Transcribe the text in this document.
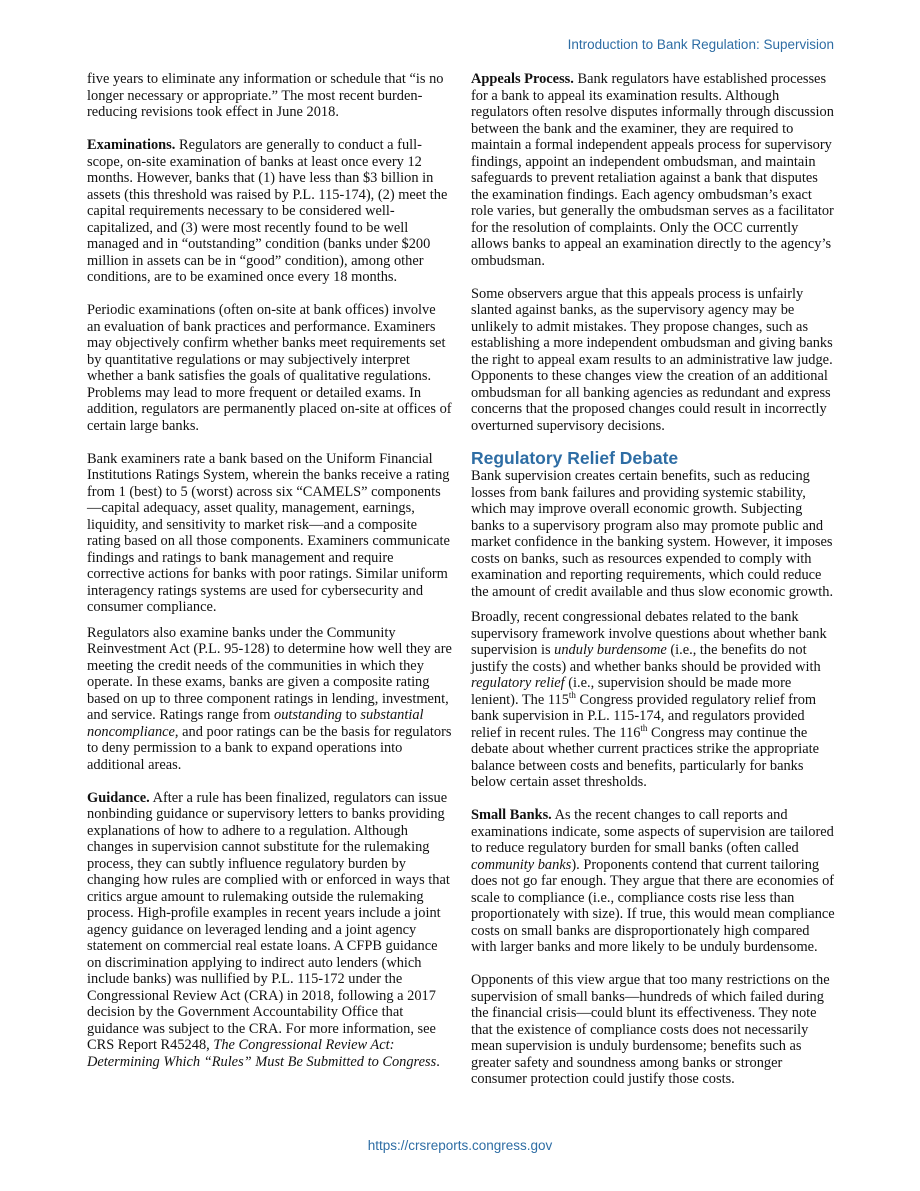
Introduction to Bank Regulation: Supervision

five years to eliminate any information or schedule that “is no longer necessary or appropriate.” The most recent burden-reducing revisions took effect in June 2018.

Examinations. Regulators are generally to conduct a full-scope, on-site examination of banks at least once every 12 months. However, banks that (1) have less than $3 billion in assets (this threshold was raised by P.L. 115-174), (2) meet the capital requirements necessary to be considered well-capitalized, and (3) were most recently found to be well managed and in “outstanding” condition (banks under $200 million in assets can be in “good” condition), among other conditions, are to be examined once every 18 months.

Periodic examinations (often on-site at bank offices) involve an evaluation of bank practices and performance. Examiners may objectively confirm whether banks meet requirements set by quantitative regulations or may subjectively interpret whether a bank satisfies the goals of qualitative regulations. Problems may lead to more frequent or detailed exams. In addition, regulators are permanently placed on-site at offices of certain large banks.

Bank examiners rate a bank based on the Uniform Financial Institutions Ratings System, wherein the banks receive a rating from 1 (best) to 5 (worst) across six “CAMELS” components—capital adequacy, asset quality, management, earnings, liquidity, and sensitivity to market risk—and a composite rating based on all those components. Examiners communicate findings and ratings to bank management and require corrective actions for banks with poor ratings. Similar uniform interagency ratings systems are used for cybersecurity and consumer compliance.

Regulators also examine banks under the Community Reinvestment Act (P.L. 95-128) to determine how well they are meeting the credit needs of the communities in which they operate. In these exams, banks are given a composite rating based on up to three component ratings in lending, investment, and service. Ratings range from outstanding to substantial noncompliance, and poor ratings can be the basis for regulators to deny permission to a bank to expand operations into additional areas.

Guidance. After a rule has been finalized, regulators can issue nonbinding guidance or supervisory letters to banks providing explanations of how to adhere to a regulation. Although changes in supervision cannot substitute for the rulemaking process, they can subtly influence regulatory burden by changing how rules are complied with or enforced in ways that critics argue amount to rulemaking outside the rulemaking process. High-profile examples in recent years include a joint agency guidance on leveraged lending and a joint agency statement on commercial real estate loans. A CFPB guidance on discrimination applying to indirect auto lenders (which include banks) was nullified by P.L. 115-172 under the Congressional Review Act (CRA) in 2018, following a 2017 decision by the Government Accountability Office that guidance was subject to the CRA. For more information, see CRS Report R45248, The Congressional Review Act: Determining Which “Rules” Must Be Submitted to Congress.

Appeals Process. Bank regulators have established processes for a bank to appeal its examination results. Although regulators often resolve disputes informally through discussion between the bank and the examiner, they are required to maintain a formal independent appeals process for supervisory findings, appoint an independent ombudsman, and maintain safeguards to prevent retaliation against a bank that disputes the examination findings. Each agency ombudsman’s exact role varies, but generally the ombudsman serves as a facilitator for the resolution of complaints. Only the OCC currently allows banks to appeal an examination directly to the agency’s ombudsman.

Some observers argue that this appeals process is unfairly slanted against banks, as the supervisory agency may be unlikely to admit mistakes. They propose changes, such as establishing a more independent ombudsman and giving banks the right to appeal exam results to an administrative law judge. Opponents to these changes view the creation of an additional ombudsman for all banking agencies as redundant and express concerns that the proposed changes could result in incorrectly overturned supervisory decisions.

Regulatory Relief Debate

Bank supervision creates certain benefits, such as reducing losses from bank failures and providing systemic stability, which may improve overall economic growth. Subjecting banks to a supervisory program also may promote public and market confidence in the banking system. However, it imposes costs on banks, such as resources expended to comply with examination and reporting requirements, which could reduce the amount of credit available and thus slow economic growth.

Broadly, recent congressional debates related to the bank supervisory framework involve questions about whether bank supervision is unduly burdensome (i.e., the benefits do not justify the costs) and whether banks should be provided with regulatory relief (i.e., supervision should be made more lenient). The 115th Congress provided regulatory relief from bank supervision in P.L. 115-174, and regulators provided relief in recent rules. The 116th Congress may continue the debate about whether current practices strike the appropriate balance between costs and benefits, particularly for banks below certain asset thresholds.

Small Banks. As the recent changes to call reports and examinations indicate, some aspects of supervision are tailored to reduce regulatory burden for small banks (often called community banks). Proponents contend that current tailoring does not go far enough. They argue that there are economies of scale to compliance (i.e., compliance costs rise less than proportionately with size). If true, this would mean compliance costs on small banks are disproportionately high compared with larger banks and more likely to be unduly burdensome.

Opponents of this view argue that too many restrictions on the supervision of small banks—hundreds of which failed during the financial crisis—could blunt its effectiveness. They note that the existence of compliance costs does not necessarily mean supervision is unduly burdensome; benefits such as greater safety and soundness among banks or stronger consumer protection could justify those costs.

https://crsreports.congress.gov
